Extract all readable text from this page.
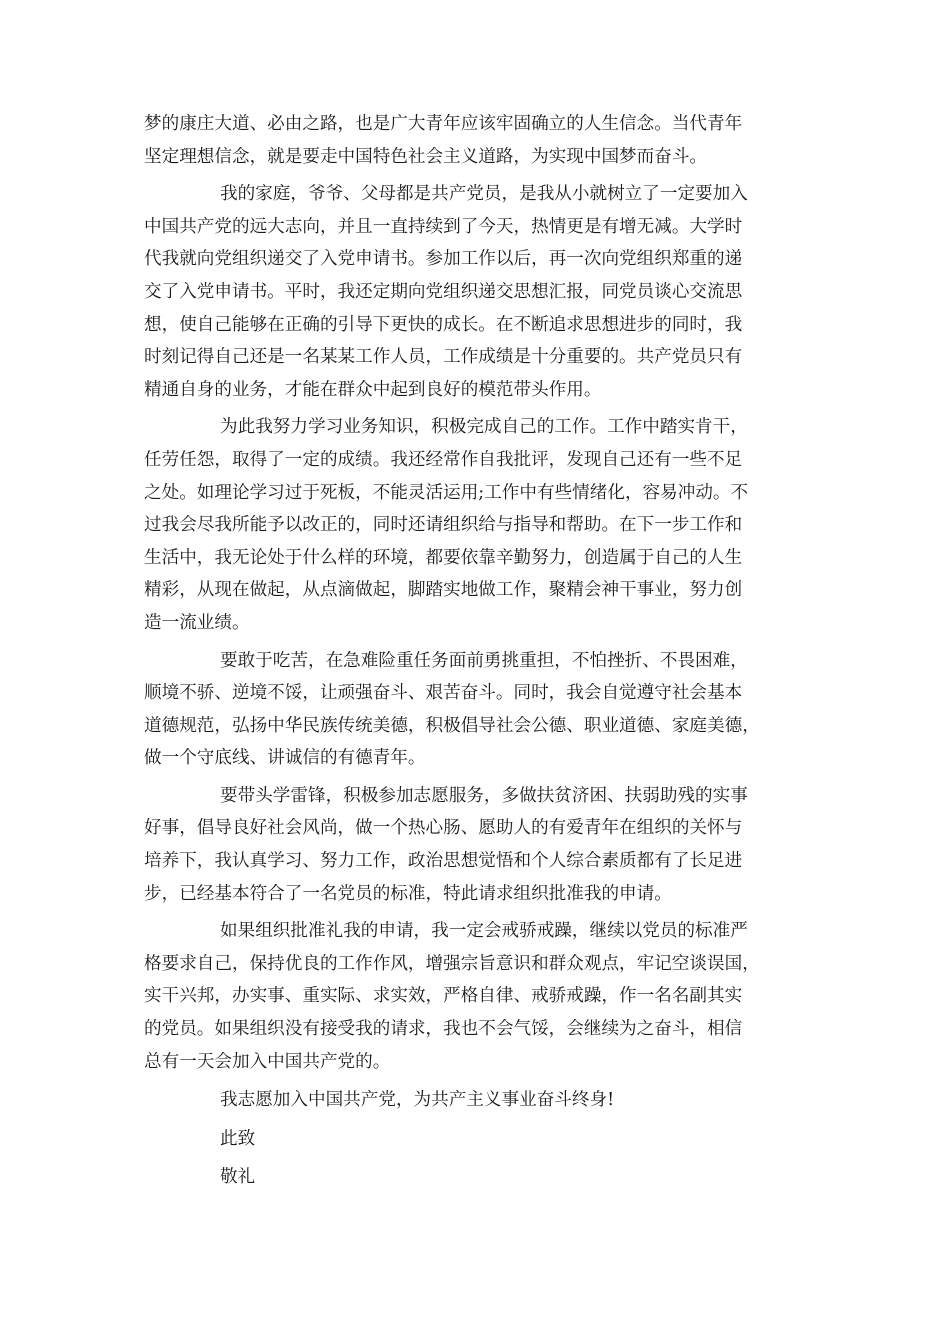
梦的康庄大道、必由之路，也是广大青年应该牢固确立的人生信念。当代青年
坚定理想信念，就是要走中国特色社会主义道路，为实现中国梦而奋斗。
我的家庭，爷爷、父母都是共产党员，是我从小就树立了一定要加入
中国共产党的远大志向，并且一直持续到了今天，热情更是有增无减。大学时
代我就向党组织递交了入党申请书。参加工作以后，再一次向党组织郑重的递
交了入党申请书。平时，我还定期向党组织递交思想汇报，同党员谈心交流思
想，使自己能够在正确的引导下更快的成长。在不断追求思想进步的同时，我
时刻记得自己还是一名某某工作人员，工作成绩是十分重要的。共产党员只有
精通自身的业务，才能在群众中起到良好的模范带头作用。
为此我努力学习业务知识，积极完成自己的工作。工作中踏实肯干，
任劳任怨，取得了一定的成绩。我还经常作自我批评，发现自己还有一些不足
之处。如理论学习过于死板，不能灵活运用;工作中有些情绪化，容易冲动。不
过我会尽我所能予以改正的，同时还请组织给与指导和帮助。在下一步工作和
生活中，我无论处于什么样的环境，都要依靠辛勤努力，创造属于自己的人生
精彩，从现在做起，从点滴做起，脚踏实地做工作，聚精会神干事业，努力创
造一流业绩。
要敢于吃苦，在急难险重任务面前勇挑重担，不怕挫折、不畏困难，
顺境不骄、逆境不馁，让顽强奋斗、艰苦奋斗。同时，我会自觉遵守社会基本
道德规范，弘扬中华民族传统美德，积极倡导社会公德、职业道德、家庭美德，
做一个守底线、讲诚信的有德青年。
要带头学雷锋，积极参加志愿服务，多做扶贫济困、扶弱助残的实事
好事，倡导良好社会风尚，做一个热心肠、愿助人的有爱青年在组织的关怀与
培养下，我认真学习、努力工作，政治思想觉悟和个人综合素质都有了长足进
步，已经基本符合了一名党员的标准，特此请求组织批准我的申请。
如果组织批准礼我的申请，我一定会戒骄戒躁，继续以党员的标准严
格要求自己，保持优良的工作作风，增强宗旨意识和群众观点，牢记空谈误国，
实干兴邦，办实事、重实际、求实效，严格自律、戒骄戒躁，作一名名副其实
的党员。如果组织没有接受我的请求，我也不会气馁，会继续为之奋斗，相信
总有一天会加入中国共产党的。
我志愿加入中国共产党，为共产主义事业奋斗终身!
此致
敬礼
